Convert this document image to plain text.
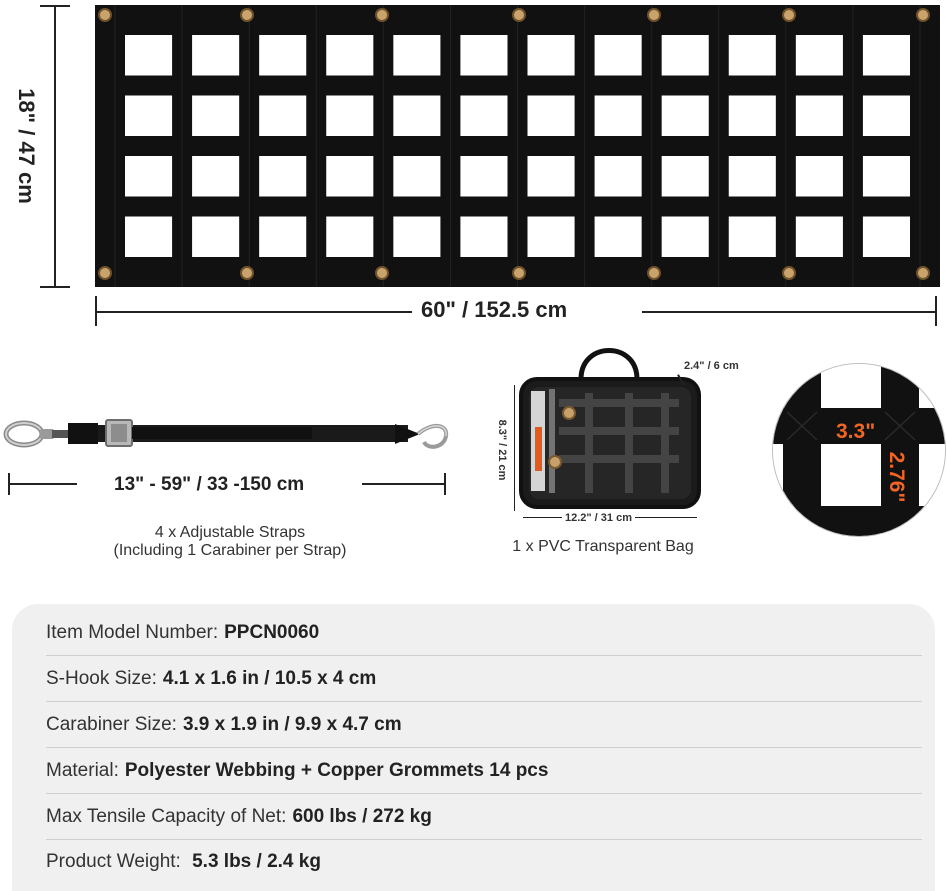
18" / 47 cm
60" / 152.5 cm
13" - 59" / 33 -150 cm
4 x Adjustable Straps
(Including 1 Carabiner per Strap)
2.4" / 6 cm
8.3" / 21 cm
12.2" / 31 cm
1 x PVC Transparent Bag
3.3"
2.76"
Item Model Number: PPCN0060
S-Hook Size: 4.1 x 1.6 in / 10.5 x 4 cm
Carabiner Size: 3.9 x 1.9 in / 9.9 x 4.7 cm
Material: Polyester Webbing + Copper Grommets 14 pcs
Max Tensile Capacity of Net: 600 lbs / 272 kg
Product Weight: 5.3 lbs / 2.4 kg
